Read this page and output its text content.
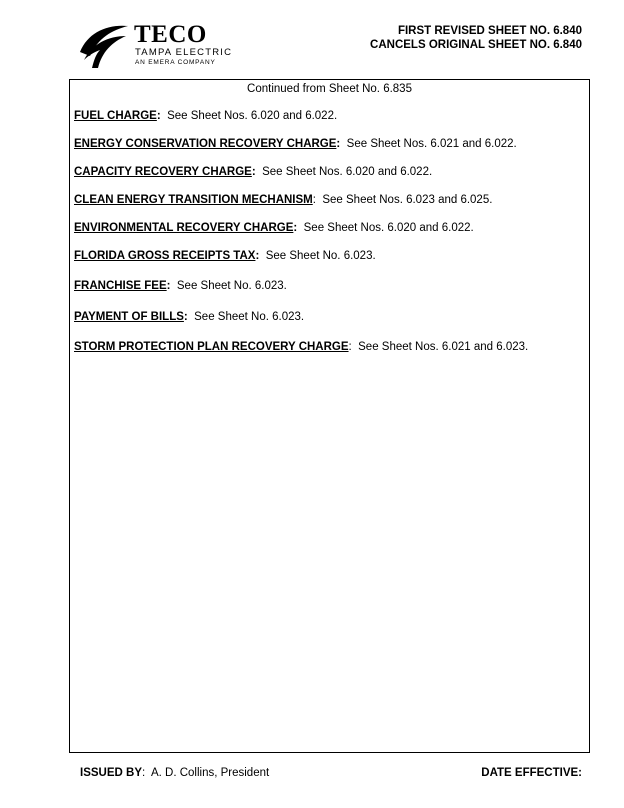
TECO
TAMPA ELECTRIC
AN EMERA COMPANY
FIRST REVISED SHEET NO. 6.840
CANCELS ORIGINAL SHEET NO. 6.840
Continued from Sheet No. 6.835
FUEL CHARGE: See Sheet Nos. 6.020 and 6.022.
ENERGY CONSERVATION RECOVERY CHARGE: See Sheet Nos. 6.021 and 6.022.
CAPACITY RECOVERY CHARGE: See Sheet Nos. 6.020 and 6.022.
CLEAN ENERGY TRANSITION MECHANISM: See Sheet Nos. 6.023 and 6.025.
ENVIRONMENTAL RECOVERY CHARGE: See Sheet Nos. 6.020 and 6.022.
FLORIDA GROSS RECEIPTS TAX: See Sheet No. 6.023.
FRANCHISE FEE: See Sheet No. 6.023.
PAYMENT OF BILLS: See Sheet No. 6.023.
STORM PROTECTION PLAN RECOVERY CHARGE: See Sheet Nos. 6.021 and 6.023.
ISSUED BY:  A. D. Collins, President	DATE EFFECTIVE:
